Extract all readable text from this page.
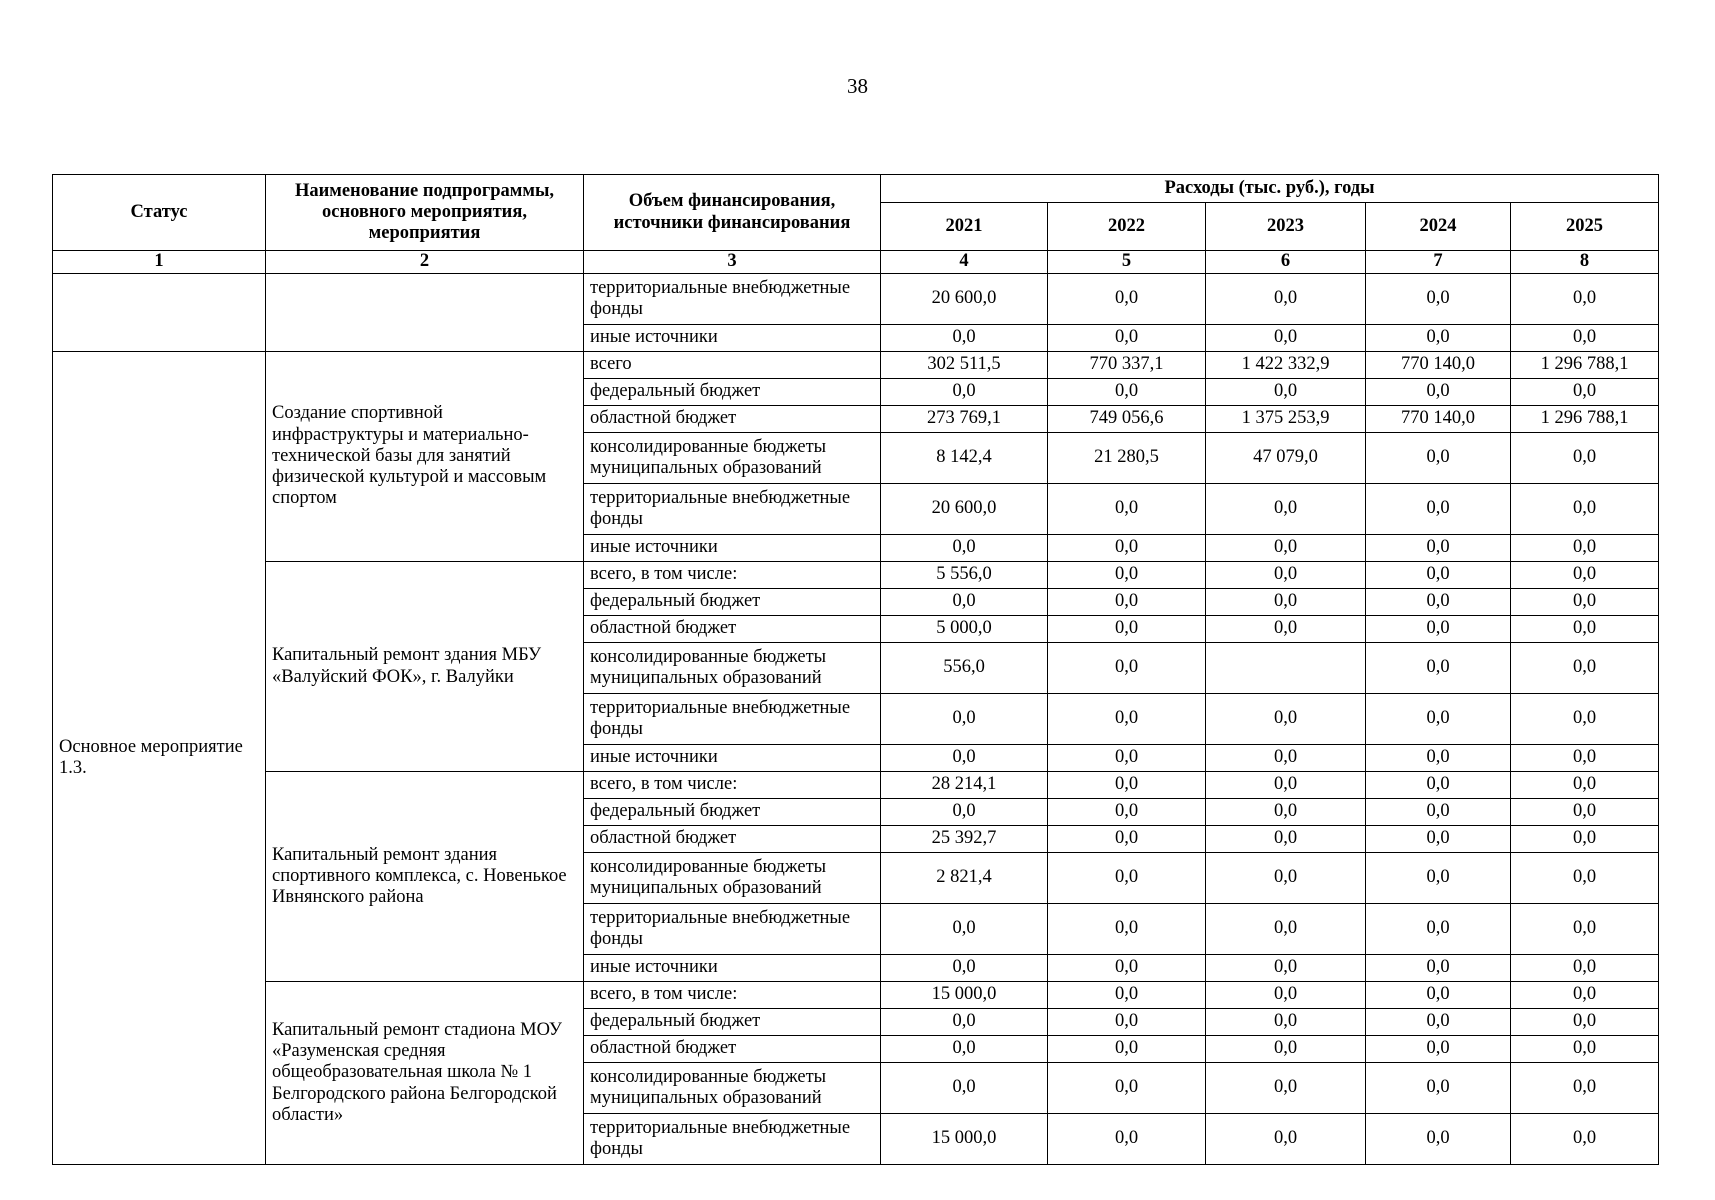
38
Статус	Наименование подпрограммы, основного мероприятия, мероприятия	Объем финансирования, источники финансирования	Расходы (тыс. руб.), годы				
			2021	2022	2023	2024	2025
1	2	3	4	5	6	7	8
		территориальные внебюджетные фонды	20 600,0	0,0	0,0	0,0	0,0
		иные источники	0,0	0,0	0,0	0,0	0,0
Основное мероприятие 1.3.	Создание спортивной инфраструктуры и материально-технической базы для занятий физической культурой и массовым спортом	всего	302 511,5	770 337,1	1 422 332,9	770 140,0	1 296 788,1
		федеральный бюджет	0,0	0,0	0,0	0,0	0,0
		областной бюджет	273 769,1	749 056,6	1 375 253,9	770 140,0	1 296 788,1
		консолидированные бюджеты муниципальных образований	8 142,4	21 280,5	47 079,0	0,0	0,0
		территориальные внебюджетные фонды	20 600,0	0,0	0,0	0,0	0,0
		иные источники	0,0	0,0	0,0	0,0	0,0
	Капитальный ремонт здания МБУ «Валуйский ФОК», г. Валуйки	всего, в том числе:	5 556,0	0,0	0,0	0,0	0,0
		федеральный бюджет	0,0	0,0	0,0	0,0	0,0
		областной бюджет	5 000,0	0,0	0,0	0,0	0,0
		консолидированные бюджеты муниципальных образований	556,0	0,0		0,0	0,0
		территориальные внебюджетные фонды	0,0	0,0	0,0	0,0	0,0
		иные источники	0,0	0,0	0,0	0,0	0,0
	Капитальный ремонт здания спортивного комплекса, с. Новенькое Ивнянского района	всего, в том числе:	28 214,1	0,0	0,0	0,0	0,0
		федеральный бюджет	0,0	0,0	0,0	0,0	0,0
		областной бюджет	25 392,7	0,0	0,0	0,0	0,0
		консолидированные бюджеты муниципальных образований	2 821,4	0,0	0,0	0,0	0,0
		территориальные внебюджетные фонды	0,0	0,0	0,0	0,0	0,0
		иные источники	0,0	0,0	0,0	0,0	0,0
	Капитальный ремонт стадиона МОУ «Разуменская средняя общеобразовательная школа № 1 Белгородского района Белгородской области»	всего, в том числе:	15 000,0	0,0	0,0	0,0	0,0
		федеральный бюджет	0,0	0,0	0,0	0,0	0,0
		областной бюджет	0,0	0,0	0,0	0,0	0,0
		консолидированные бюджеты муниципальных образований	0,0	0,0	0,0	0,0	0,0
		территориальные внебюджетные фонды	15 000,0	0,0	0,0	0,0	0,0
